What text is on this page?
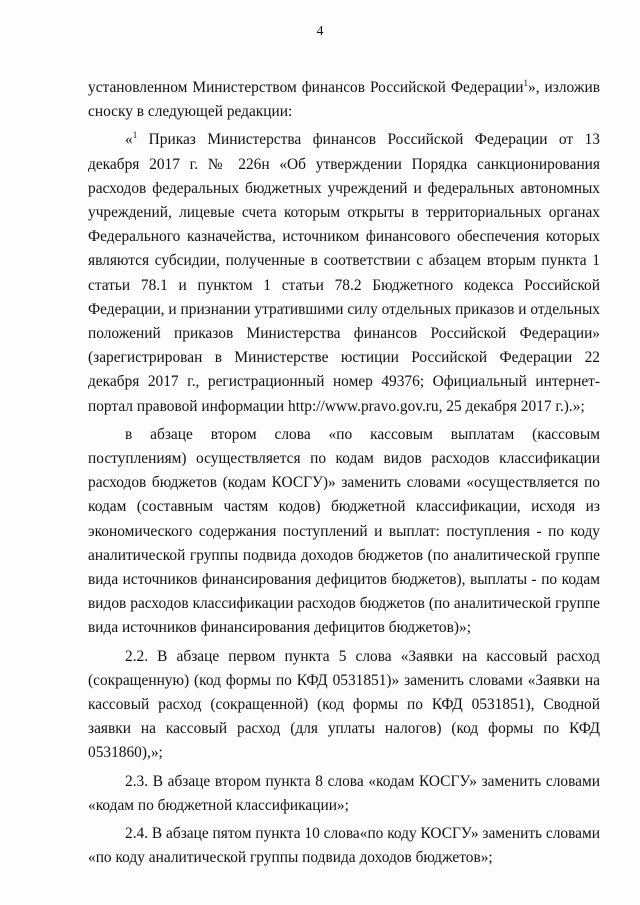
4

установленном Министерством финансов Российской Федерации$^1$», изложив сноску в следующей редакции:

«$^1$ Приказ Министерства финансов Российской Федерации от 13 декабря 2017 г. № 226н «Об утверждении Порядка санкционирования расходов федеральных бюджетных учреждений и федеральных автономных учреждений, лицевые счета которым открыты в территориальных органах Федерального казначейства, источником финансового обеспечения которых являются субсидии, полученные в соответствии с абзацем вторым пункта 1 статьи 78.1 и пунктом 1 статьи 78.2 Бюджетного кодекса Российской Федерации, и признании утратившими силу отдельных приказов и отдельных положений приказов Министерства финансов Российской Федерации» (зарегистрирован в Министерстве юстиции Российской Федерации 22 декабря 2017 г., регистрационный номер 49376; Официальный интернет-портал правовой информации http://www.pravo.gov.ru, 25 декабря 2017 г.).»;

в абзаце втором слова «по кассовым выплатам (кассовым поступлениям) осуществляется по кодам видов расходов классификации расходов бюджетов (кодам КОСГУ)» заменить словами «осуществляется по кодам (составным частям кодов) бюджетной классификации, исходя из экономического содержания поступлений и выплат: поступления - по коду аналитической группы подвида доходов бюджетов (по аналитической группе вида источников финансирования дефицитов бюджетов), выплаты - по кодам видов расходов классификации расходов бюджетов (по аналитической группе вида источников финансирования дефицитов бюджетов)»;

2.2. В абзаце первом пункта 5 слова «Заявки на кассовый расход (сокращенную) (код формы по КФД 0531851)» заменить словами «Заявки на кассовый расход (сокращенной) (код формы по КФД 0531851), Сводной заявки на кассовый расход (для уплаты налогов) (код формы по КФД 0531860),»;

2.3. В абзаце втором пункта 8 слова «кодам КОСГУ» заменить словами «кодам по бюджетной классификации»;

2.4. В абзаце пятом пункта 10 слова«по коду КОСГУ» заменить словами «по коду аналитической группы подвида доходов бюджетов»;
